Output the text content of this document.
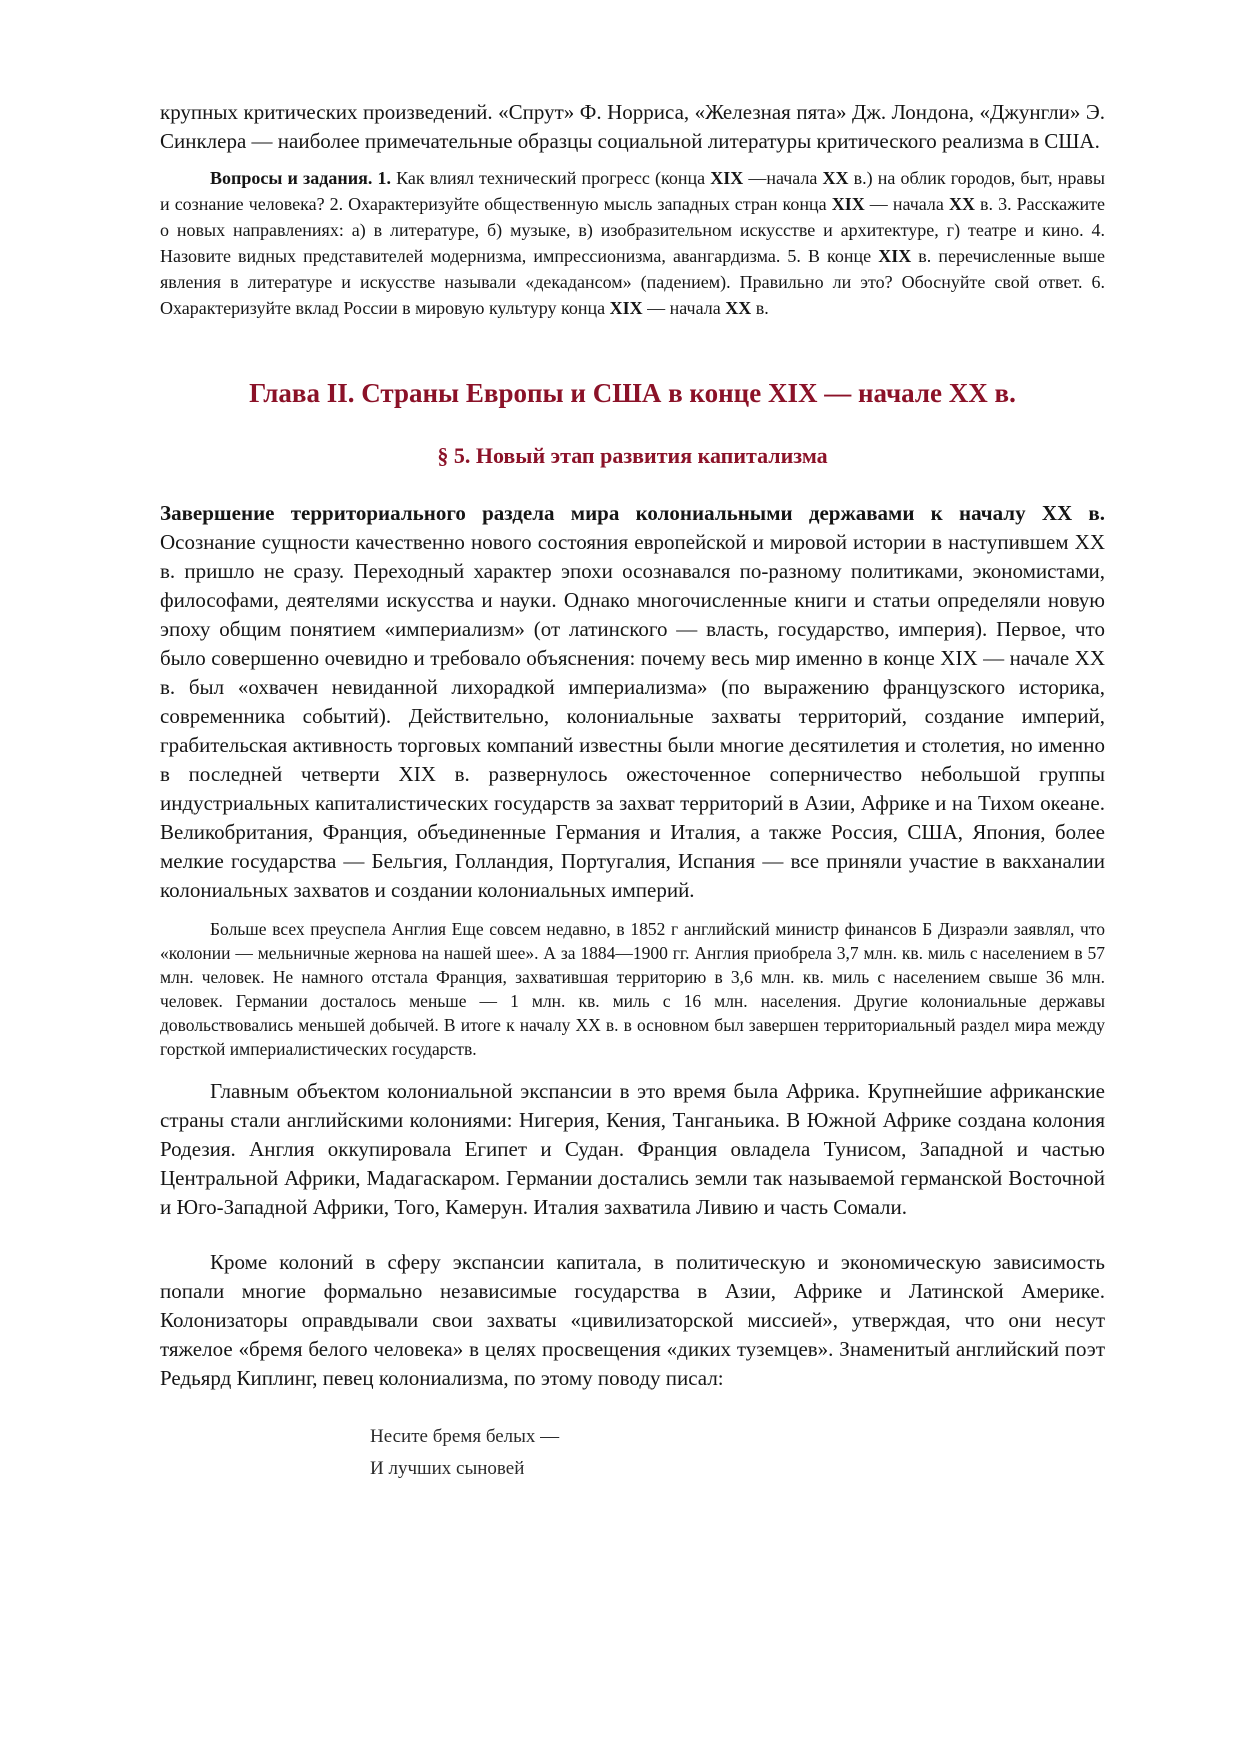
крупных критических произведений. «Спрут» Ф. Норриса, «Железная пята» Дж. Лондона, «Джунгли» Э. Синклера — наиболее примечательные образцы социальной литературы критического реализма в США.

Вопросы и задания. 1. Как влиял технический прогресс (конца XIX —начала XX в.) на облик городов, быт, нравы и сознание человека? 2. Охарактеризуйте общественную мысль западных стран конца XIX — начала XX в. 3. Расскажите о новых направлениях: а) в литературе, б) музыке, в) изобразительном искусстве и архитектуре, г) театре и кино. 4. Назовите видных представителей модернизма, импрессионизма, авангардизма. 5. В конце XIX в. перечисленные выше явления в литературе и искусстве называли «декадансом» (падением). Правильно ли это? Обоснуйте свой ответ. 6. Охарактеризуйте вклад России в мировую культуру конца XIX — начала XX в.

Глава II. Страны Европы и США в конце XIX — начале XX в.
§ 5. Новый этап развития капитализма

Завершение территориального раздела мира колониальными державами к началу XX в. Осознание сущности качественно нового состояния европейской и мировой истории в наступившем XX в. пришло не сразу. Переходный характер эпохи осознавался по-разному политиками, экономистами, философами, деятелями искусства и науки. Однако многочисленные книги и статьи определяли новую эпоху общим понятием «империализм» (от латинского — власть, государство, империя). Первое, что было совершенно очевидно и требовало объяснения: почему весь мир именно в конце XIX — начале XX в. был «охвачен невиданной лихорадкой империализма» (по выражению французского историка, современника событий). Действительно, колониальные захваты территорий, создание империй, грабительская активность торговых компаний известны были многие десятилетия и столетия, но именно в последней четверти XIX в. развернулось ожесточенное соперничество небольшой группы индустриальных капиталистических государств за захват территорий в Азии, Африке и на Тихом океане. Великобритания, Франция, объединенные Германия и Италия, а также Россия, США, Япония, более мелкие государства — Бельгия, Голландия, Португалия, Испания — все приняли участие в вакханалии колониальных захватов и создании колониальных империй.

Больше всех преуспела Англия Еще совсем недавно, в 1852 г английский министр финансов Б Дизраэли заявлял, что «колонии — мельничные жернова на нашей шее». А за 1884—1900 гг. Англия приобрела 3,7 млн. кв. миль с населением в 57 млн. человек. Не намного отстала Франция, захватившая территорию в 3,6 млн. кв. миль с населением свыше 36 млн. человек. Германии досталось меньше — 1 млн. кв. миль с 16 млн. населения. Другие колониальные державы довольствовались меньшей добычей. В итоге к началу XX в. в основном был завершен территориальный раздел мира между горсткой империалистических государств.

Главным объектом колониальной экспансии в это время была Африка. Крупнейшие африканские страны стали английскими колониями: Нигерия, Кения, Танганьика. В Южной Африке создана колония Родезия. Англия оккупировала Египет и Судан. Франция овладела Тунисом, Западной и частью Центральной Африки, Мадагаскаром. Германии достались земли так называемой германской Восточной и Юго-Западной Африки, Того, Камерун. Италия захватила Ливию и часть Сомали.

Кроме колоний в сферу экспансии капитала, в политическую и экономическую зависимость попали многие формально независимые государства в Азии, Африке и Латинской Америке. Колонизаторы оправдывали свои захваты «цивилизаторской миссией», утверждая, что они несут тяжелое «бремя белого человека» в целях просвещения «диких туземцев». Знаменитый английский поэт Редьярд Киплинг, певец колониализма, по этому поводу писал:

Несите бремя белых —
И лучших сыновей
